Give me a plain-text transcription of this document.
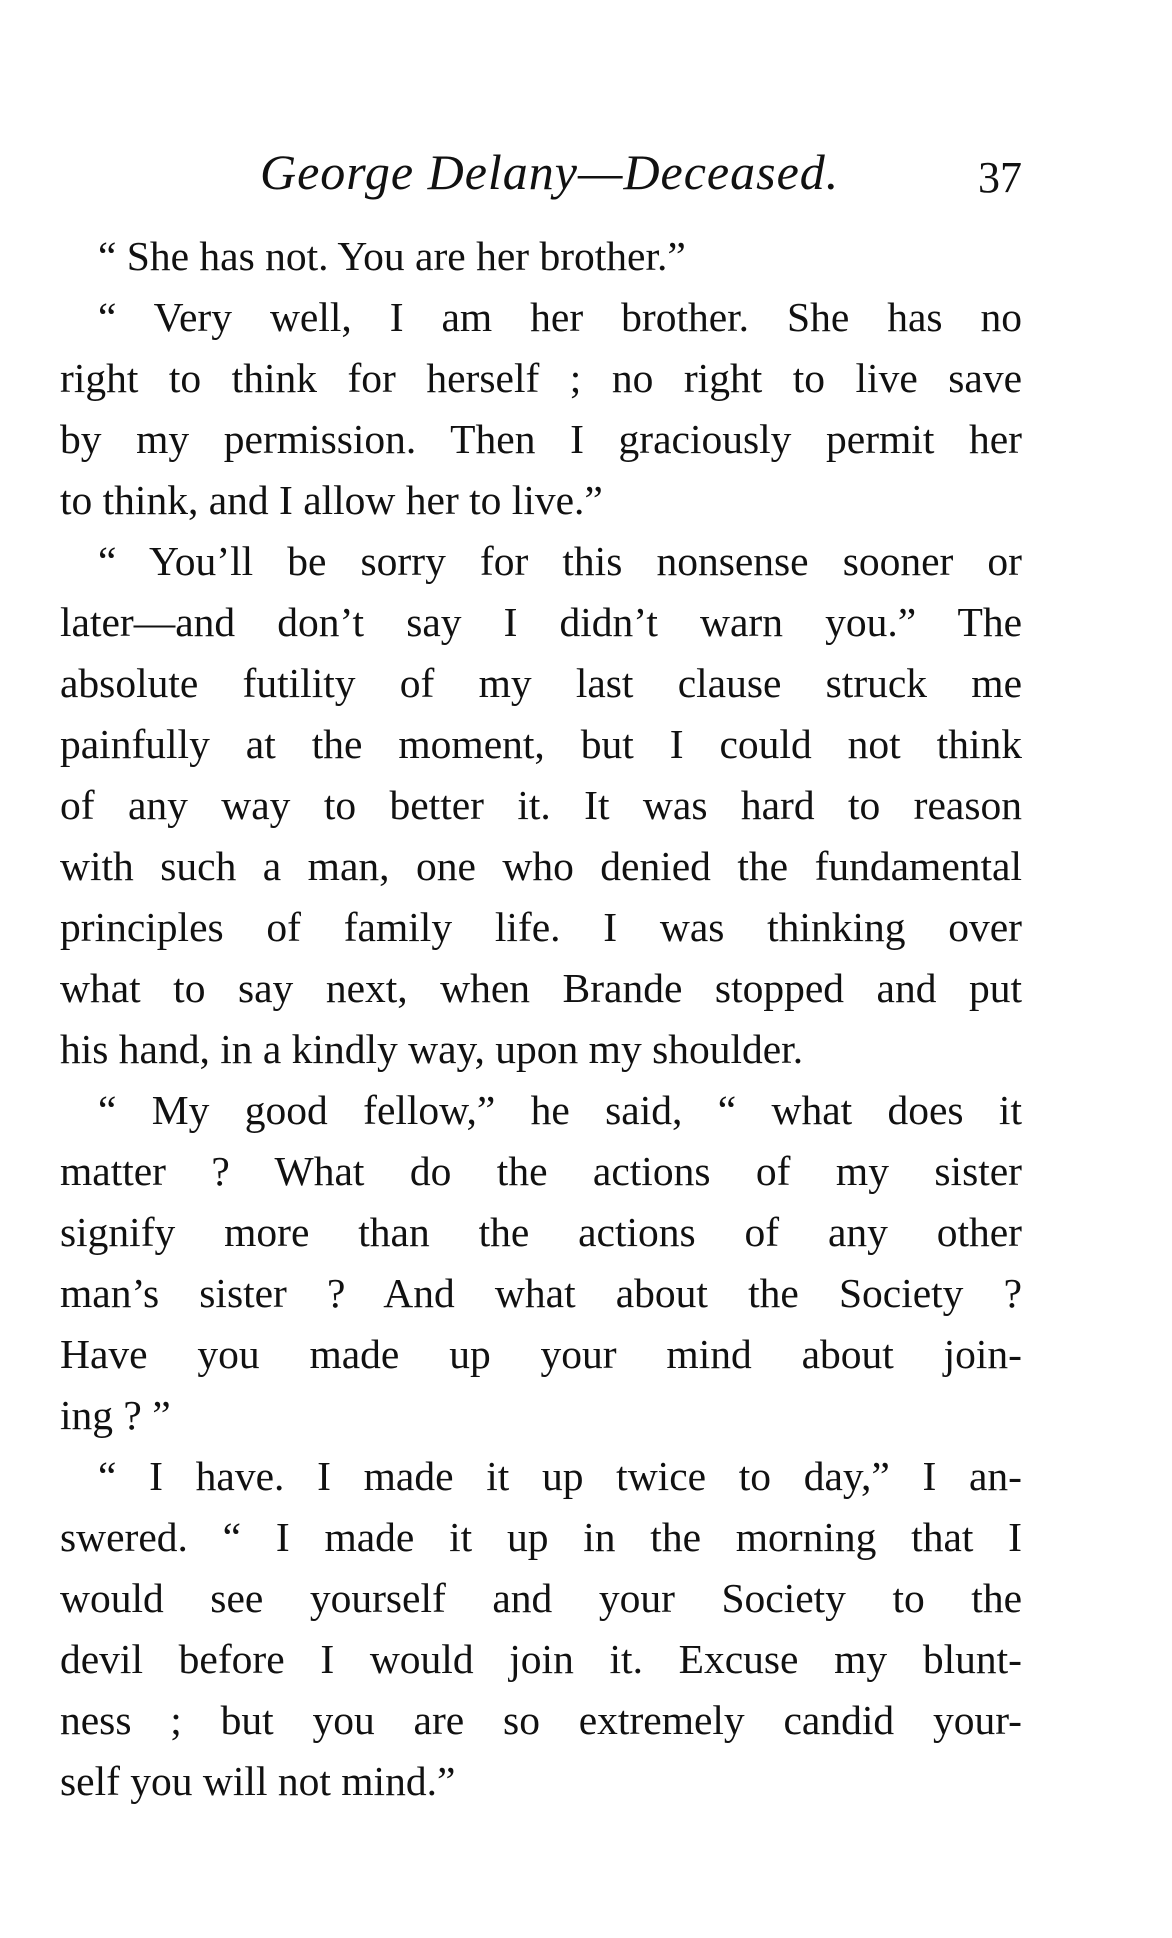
George Delany—Deceased.	37
“ She has not. You are her brother.”
“ Very well, I am her brother. She has no
right to think for herself ; no right to live save
by my permission. Then I graciously permit her
to think, and I allow her to live.”
“ You’ll be sorry for this nonsense sooner or
later—and don’t say I didn’t warn you.” The
absolute futility of my last clause struck me
painfully at the moment, but I could not think
of any way to better it. It was hard to reason
with such a man, one who denied the fundamental
principles of family life. I was thinking over
what to say next, when Brande stopped and put
his hand, in a kindly way, upon my shoulder.
“ My good fellow,” he said, “ what does it
matter ? What do the actions of my sister
signify more than the actions of any other
man’s sister ? And what about the Society ?
Have you made up your mind about join-
ing ? ”
“ I have. I made it up twice to day,” I an-
swered. “ I made it up in the morning that I
would see yourself and your Society to the
devil before I would join it. Excuse my blunt-
ness ; but you are so extremely candid your-
self you will not mind.”
